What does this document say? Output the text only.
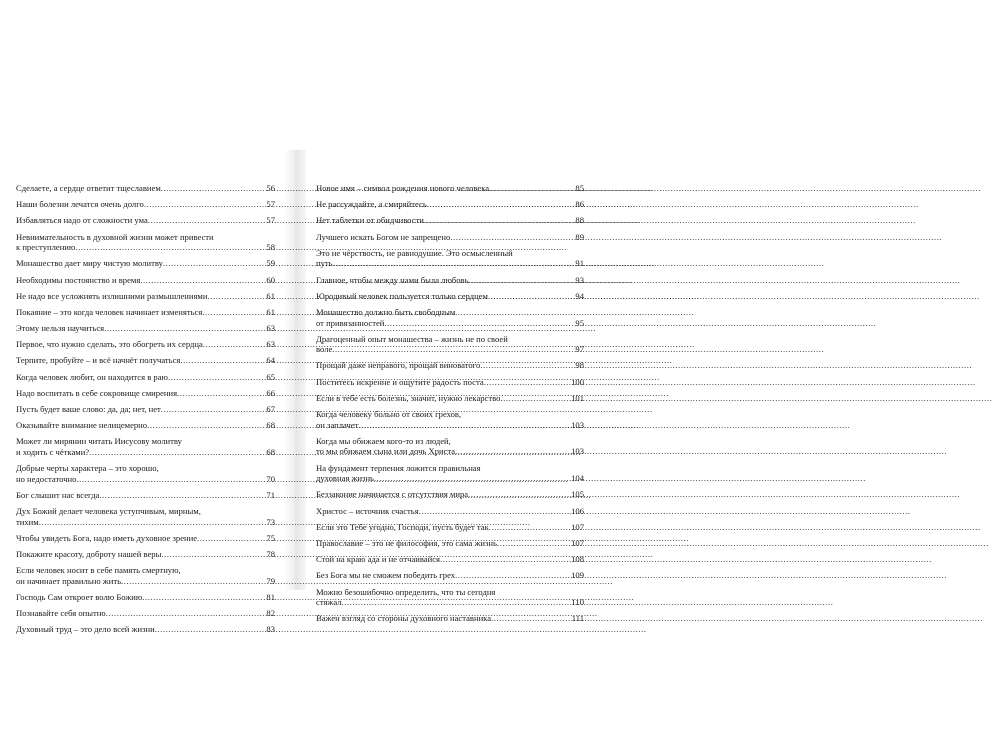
Сделаете, а сердце ответит тщеславием .....	56
Наши болезни лечатся очень долго .....	57
Избавляться надо от сложности ума .....	57
Невнимательность в духовной жизни может привести
к преступлению .....	58
Монашество дает миру чистую молитву .....	59
Необходимы постоянство и время .....	60
Не надо все усложнять излишними размышлениями .....	61
Покаяние – это когда человек начинает изменяться .....	61
Этому нельзя научиться .....	63
Первое, что нужно сделать, это обогреть их сердца .....	63
Терпите, пробуйте – и всё начнёт получаться .....	64
Когда человек любит, он находится в раю .....	65
Надо воспитать в себе сокровище смирения .....	66
Пусть будет ваше слово: да, да; нет, нет .....	67
Оказывайте внимание нелицемерно .....	68
Может ли мирянин читать Иисусову молитву
и ходить с чётками? .....	68
Добрые черты характера – это хорошо,
но недостаточно .....	70
Бог слышит нас всегда .....	71
Дух Божий делает человека уступчивым, мирным,
тихим .....	73
Чтобы увидеть Бога, надо иметь духовное зрение .....	75
Покажите красоту, доброту нашей веры .....	78
Если человек носит в себе память смертную,
он начинает правильно жить .....	79
Господь Сам откроет волю Божию .....	81
Познавайте себя опытно .....	82
Духовный труд – это дело всей жизни .....	83
Новое имя – символ рождения нового человека .....	85
Не рассуждайте, а смиряйтесь .....	86
Нет таблетки от обидчивости .....	88
Лучшего искать Богом не запрещено .....	89
Это не чёрствость, не равнодушие. Это осмысленный
путь .....	91
Главное, чтобы между нами была любовь .....	93
Юродивый человек пользуется только сердцем .....	94
Монашество должно быть свободным
от привязанностей .....	95
Драгоценный опыт монашества – жизнь не по своей
воле .....	97
Прощай даже неправого, прощай виноватого .....	98
Поститесь искренне и ощутите радость поста .....	100
Если в тебе есть болезнь, значит, нужно лекарство .....	101
Когда человеку больно от своих грехов,
он заплачет .....	103
Когда мы обижаем кого-то из людей,
то мы обижаем сына или дочь Христа .....	103
На фундамент терпения ложится правильная
духовная жизнь .....	104
Беззаконие начинается с отсутствия мира .....	105
Христос – источник счастья .....	106
Если это Тебе угодно, Господи, пусть будет так .....	107
Православие – это не философия, это сама жизнь .....	107
Стой на краю ада и не отчаивайся .....	108
Без Бога мы не сможем победить грех .....	109
Можно безошибочно определить, что ты сегодня
стяжал .....	110
Важен взгляд со стороны духовного наставника .....	111
